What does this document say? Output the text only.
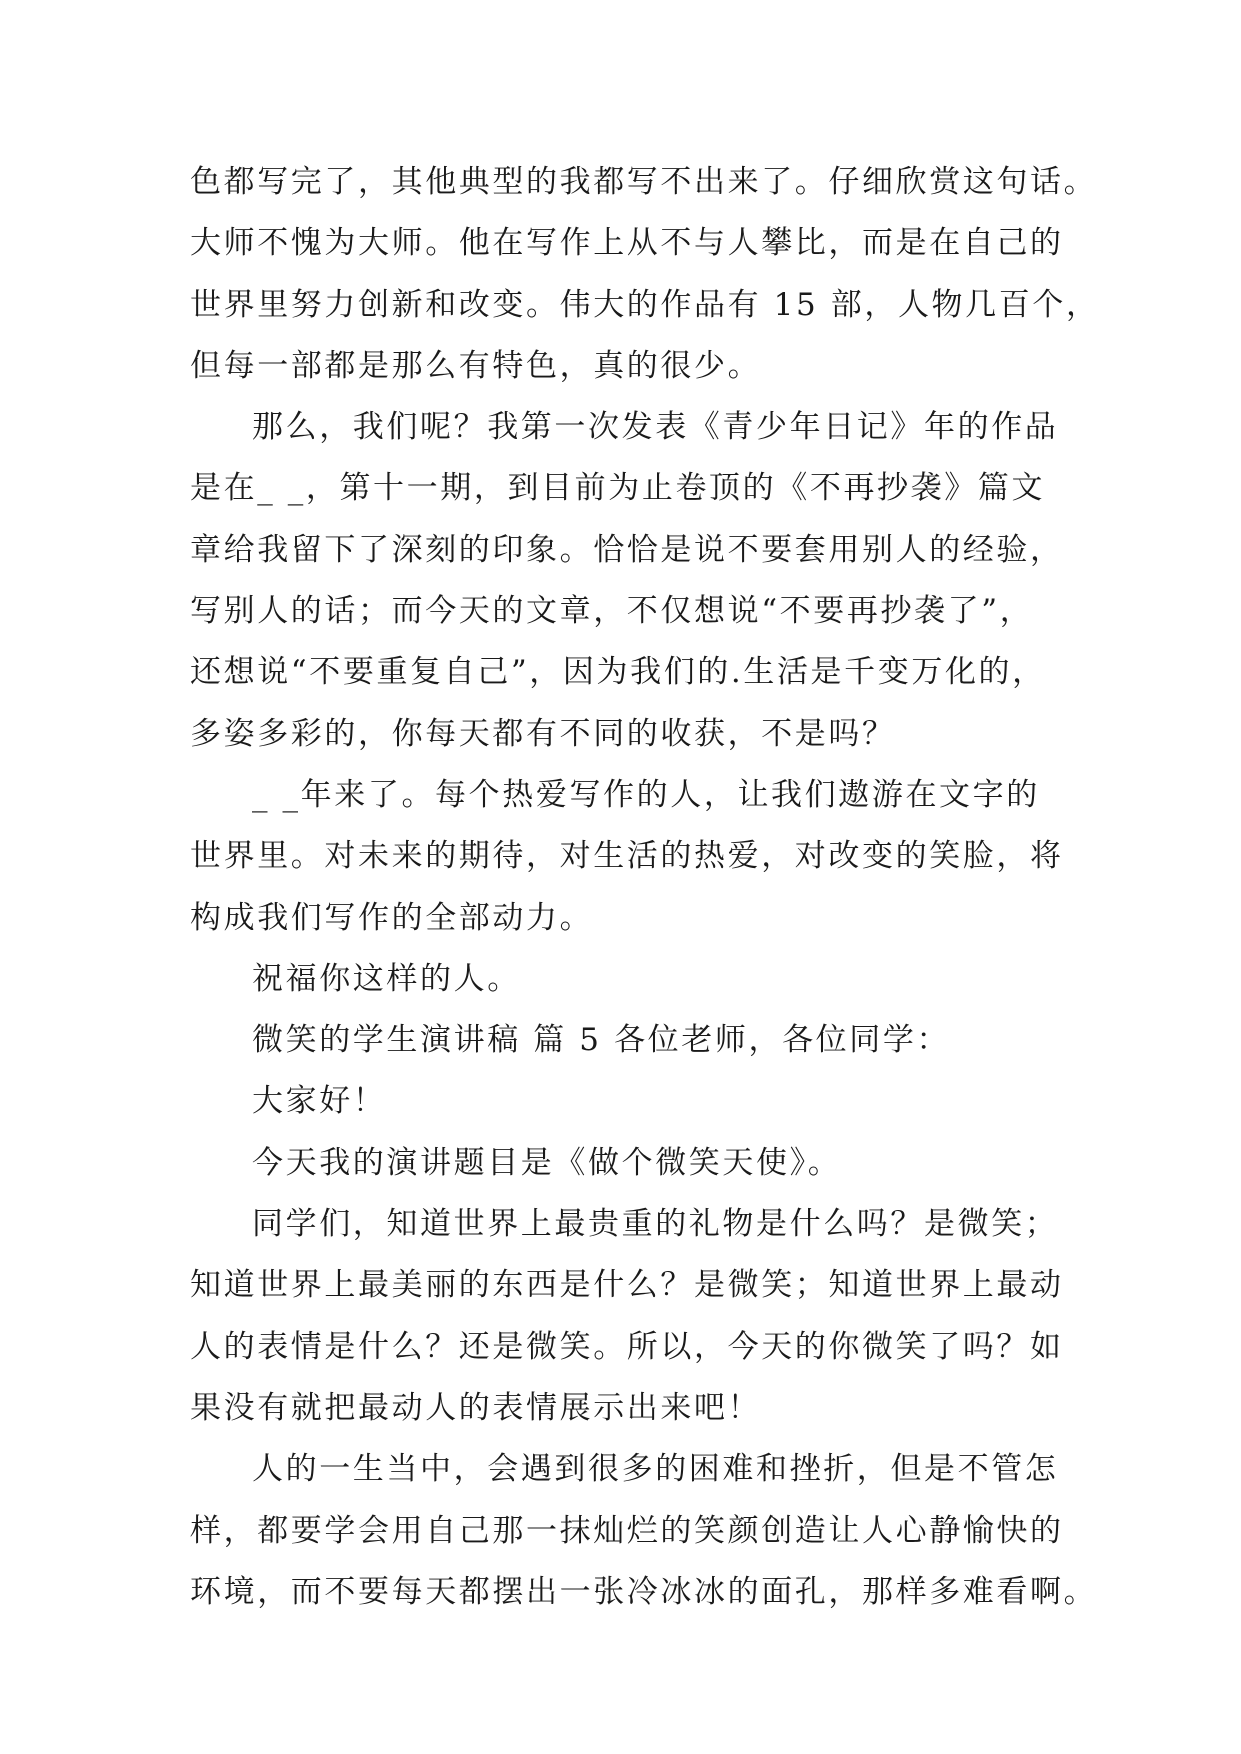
色都写完了，其他典型的我都写不出来了。仔细欣赏这句话。
大师不愧为大师。他在写作上从不与人攀比，而是在自己的
世界里努力创新和改变。伟大的作品有 15 部，人物几百个，
但每一部都是那么有特色，真的很少。
那么，我们呢？我第一次发表《青少年日记》年的作品
是在_ _，第十一期，到目前为止卷顶的《不再抄袭》篇文
章给我留下了深刻的印象。恰恰是说不要套用别人的经验，
写别人的话；而今天的文章，不仅想说“不要再抄袭了”，
还想说“不要重复自己”，因为我们的.生活是千变万化的，
多姿多彩的，你每天都有不同的收获，不是吗？
_ _年来了。每个热爱写作的人，让我们遨游在文字的
世界里。对未来的期待，对生活的热爱，对改变的笑脸，将
构成我们写作的全部动力。
祝福你这样的人。
微笑的学生演讲稿 篇 5 各位老师，各位同学：
大家好！
今天我的演讲题目是《做个微笑天使》。
同学们，知道世界上最贵重的礼物是什么吗？是微笑；
知道世界上最美丽的东西是什么？是微笑；知道世界上最动
人的表情是什么？还是微笑。所以，今天的你微笑了吗？如
果没有就把最动人的表情展示出来吧！
人的一生当中，会遇到很多的困难和挫折，但是不管怎
样，都要学会用自己那一抹灿烂的笑颜创造让人心静愉快的
环境，而不要每天都摆出一张冷冰冰的面孔，那样多难看啊。
